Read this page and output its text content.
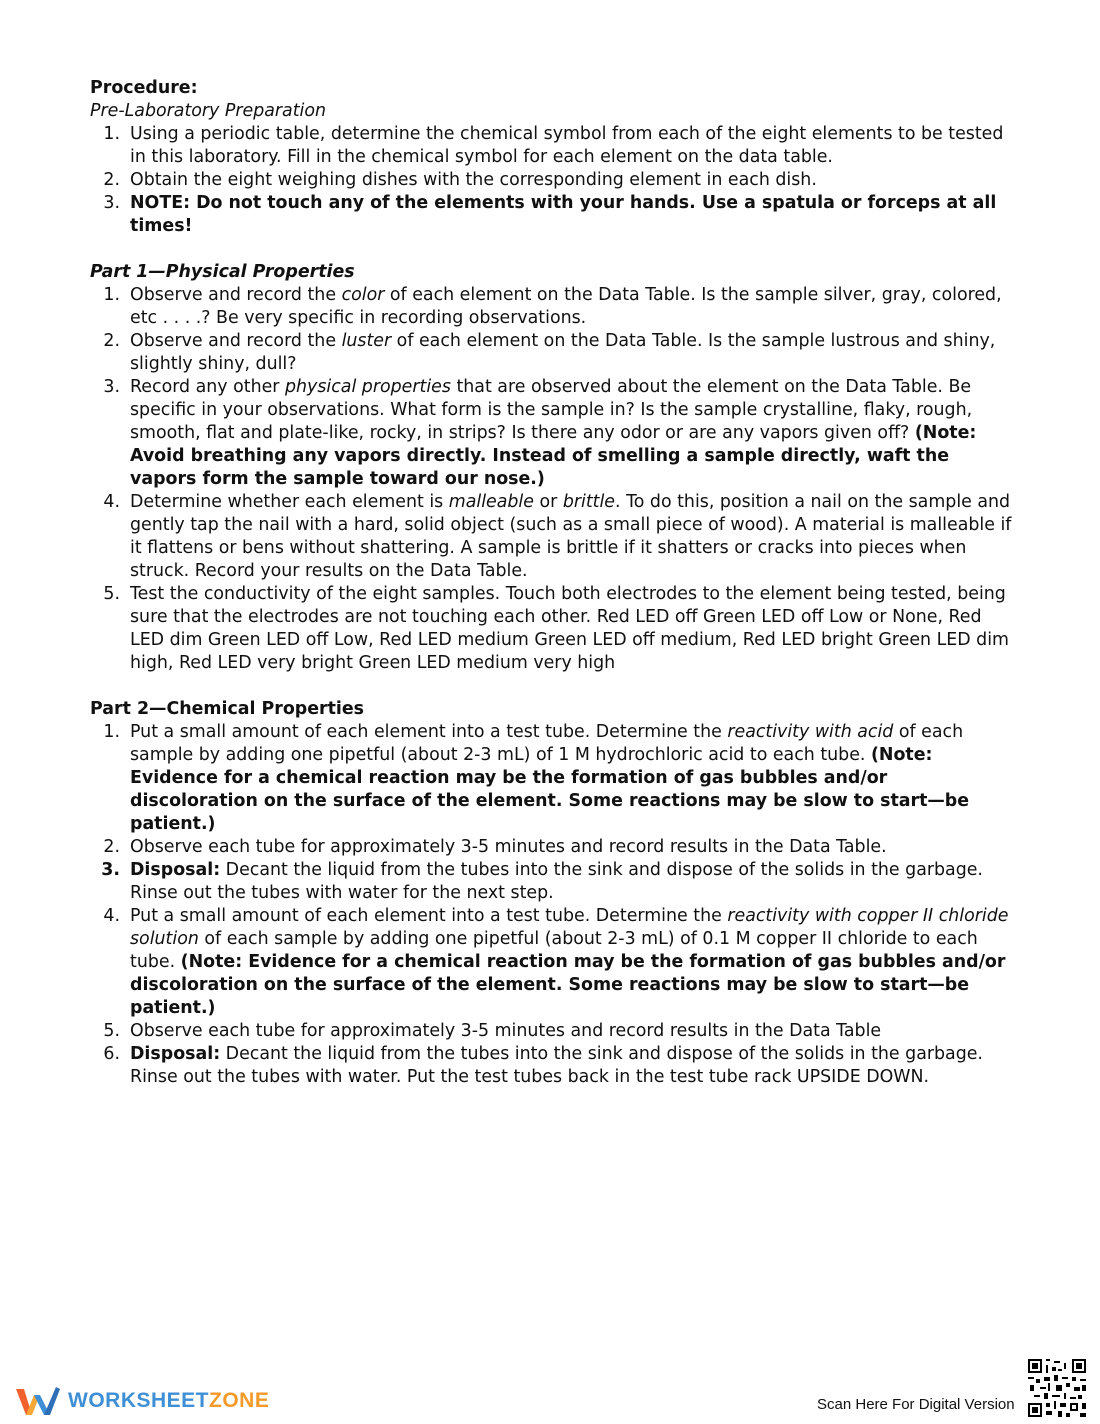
Procedure:

Pre-Laboratory Preparation

1. Using a periodic table, determine the chemical symbol from each of the eight elements to be tested in this laboratory. Fill in the chemical symbol for each element on the data table.
2. Obtain the eight weighing dishes with the corresponding element in each dish.
3. NOTE: Do not touch any of the elements with your hands. Use a spatula or forceps at all times!

Part 1—Physical Properties

1. Observe and record the color of each element on the Data Table. Is the sample silver, gray, colored, etc . . . .? Be very specific in recording observations.
2. Observe and record the luster of each element on the Data Table. Is the sample lustrous and shiny, slightly shiny, dull?
3. Record any other physical properties that are observed about the element on the Data Table. Be specific in your observations. What form is the sample in? Is the sample crystalline, flaky, rough, smooth, flat and plate-like, rocky, in strips? Is there any odor or are any vapors given off? (Note: Avoid breathing any vapors directly. Instead of smelling a sample directly, waft the vapors form the sample toward our nose.)
4. Determine whether each element is malleable or brittle. To do this, position a nail on the sample and gently tap the nail with a hard, solid object (such as a small piece of wood). A material is malleable if it flattens or bens without shattering. A sample is brittle if it shatters or cracks into pieces when struck. Record your results on the Data Table.
5. Test the conductivity of the eight samples. Touch both electrodes to the element being tested, being sure that the electrodes are not touching each other. Red LED off Green LED off Low or None, Red LED dim Green LED off Low, Red LED medium Green LED off medium, Red LED bright Green LED dim high, Red LED very bright Green LED medium very high

Part 2—Chemical Properties

1. Put a small amount of each element into a test tube. Determine the reactivity with acid of each sample by adding one pipetful (about 2-3 mL) of 1 M hydrochloric acid to each tube. (Note: Evidence for a chemical reaction may be the formation of gas bubbles and/or discoloration on the surface of the element. Some reactions may be slow to start—be patient.)
2. Observe each tube for approximately 3-5 minutes and record results in the Data Table.
3. Disposal: Decant the liquid from the tubes into the sink and dispose of the solids in the garbage. Rinse out the tubes with water for the next step.
4. Put a small amount of each element into a test tube. Determine the reactivity with copper II chloride solution of each sample by adding one pipetful (about 2-3 mL) of 0.1 M copper II chloride to each tube. (Note: Evidence for a chemical reaction may be the formation of gas bubbles and/or discoloration on the surface of the element. Some reactions may be slow to start—be patient.)
5. Observe each tube for approximately 3-5 minutes and record results in the Data Table
6. Disposal: Decant the liquid from the tubes into the sink and dispose of the solids in the garbage. Rinse out the tubes with water. Put the test tubes back in the test tube rack UPSIDE DOWN.
WORKSHEETZONE	Scan Here For Digital Version
